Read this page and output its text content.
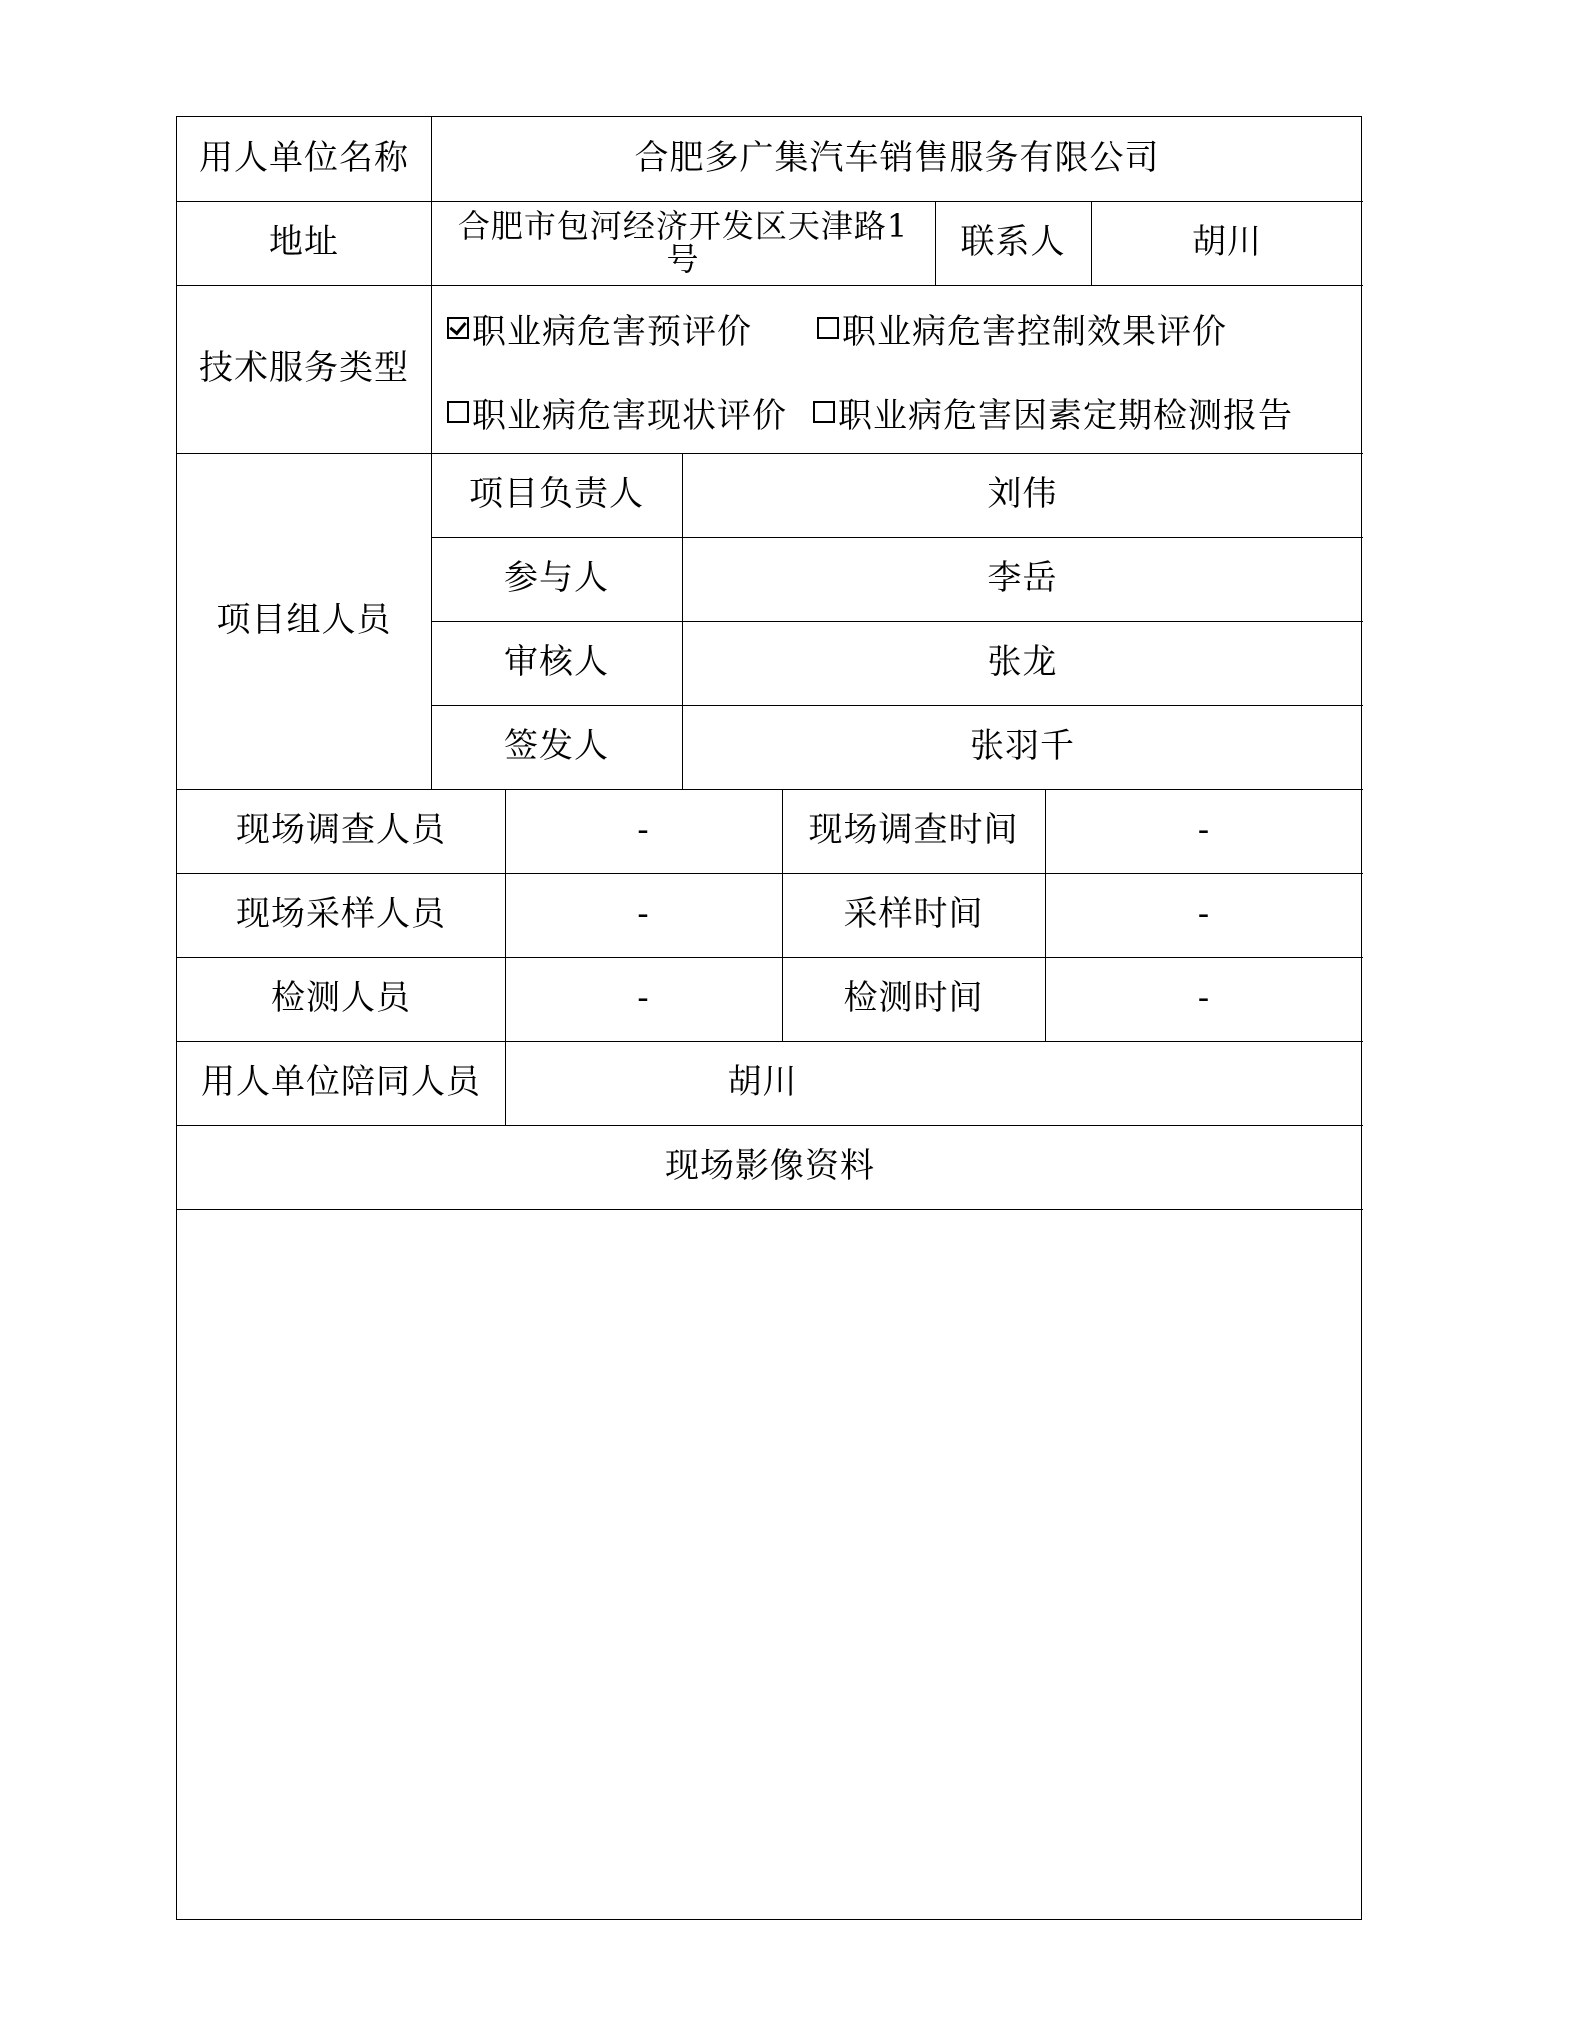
用人单位名称	合肥多广集汽车销售服务有限公司
地址	合肥市包河经济开发区天津路1号	联系人	胡川
技术服务类型
职业病危害预评价	职业病危害控制效果评价
职业病危害现状评价 职业病危害因素定期检测报告
项目组人员
项目负责人	刘伟
参与人	李岳
审核人	张龙
签发人	张羽千
现场调查人员	-	现场调查时间	-
现场采样人员	-	采样时间	-
检测人员	-	检测时间	-
用人单位陪同人员	胡川
现场影像资料
